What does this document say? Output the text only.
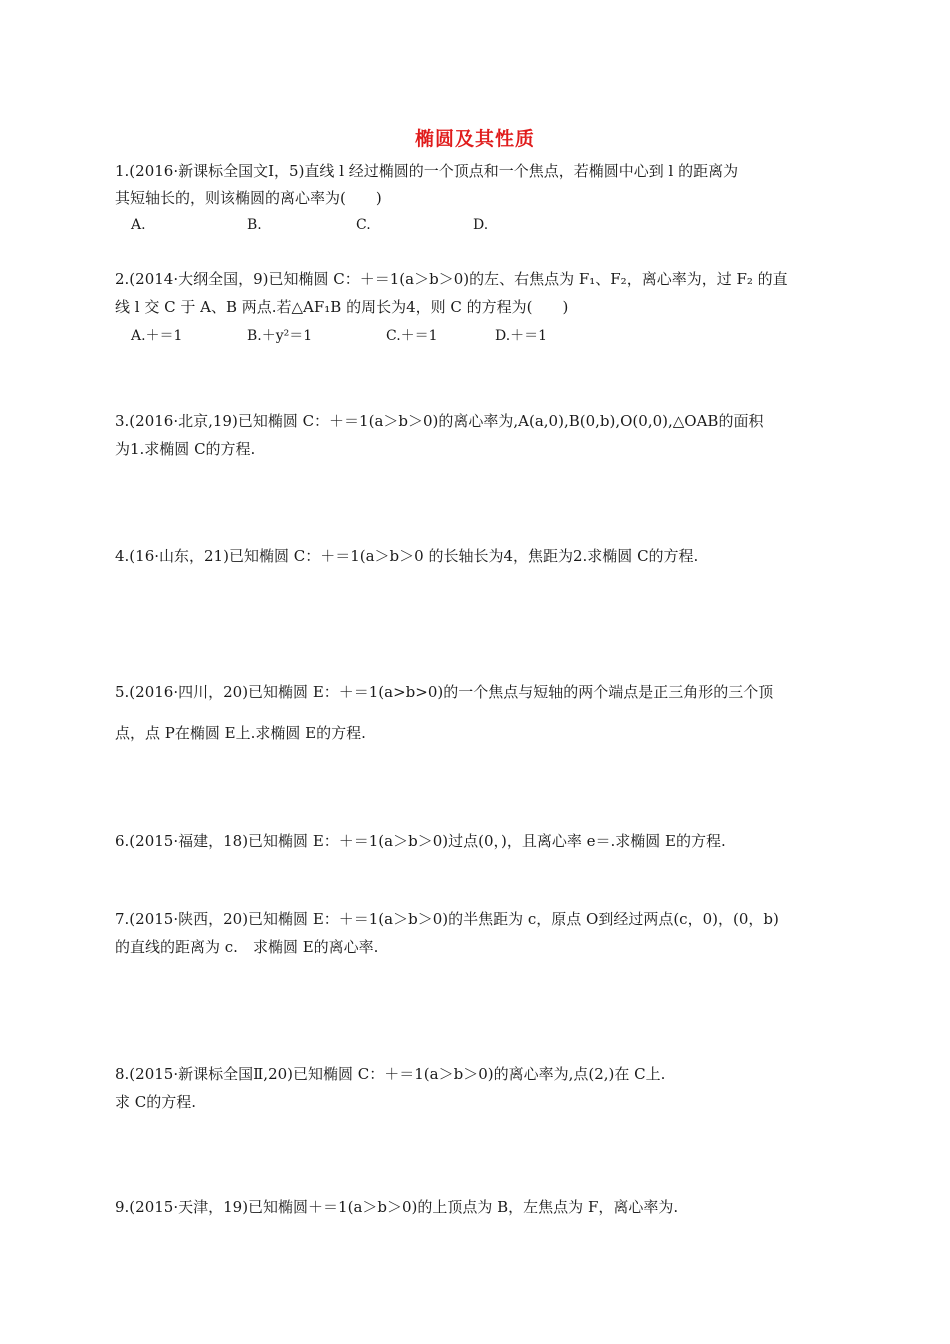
椭圆及其性质
1.(2016·新课标全国文Ⅰ，5)直线 l 经过椭圆的一个顶点和一个焦点，若椭圆中心到 l 的距离为
其短轴长的，则该椭圆的离心率为(　　)
A.	B.	C.	D.
2.(2014·大纲全国，9)已知椭圆 C：＋＝1(a＞b＞0)的左、右焦点为 F₁、F₂，离心率为，过 F₂ 的直
线 l 交 C 于 A、B 两点.若△AF₁B 的周长为4，则 C 的方程为(　　)
A.＋＝1	B.＋y²＝1	C.＋＝1	D.＋＝1
3.(2016·北京,19)已知椭圆 C：＋＝1(a＞b＞0)的离心率为,A(a,0),B(0,b),O(0,0),△OAB的面积
为1.求椭圆 C的方程.
4.(16·山东，21)已知椭圆 C：＋＝1(a＞b＞0 的长轴长为4，焦距为2.求椭圆 C的方程.
5.(2016·四川，20)已知椭圆 E：＋＝1(a>b>0)的一个焦点与短轴的两个端点是正三角形的三个顶
点，点 P在椭圆 E上.求椭圆 E的方程.
6.(2015·福建，18)已知椭圆 E：＋＝1(a＞b＞0)过点(0，)，且离心率 e＝.求椭圆 E的方程.
7.(2015·陕西，20)已知椭圆 E：＋＝1(a＞b＞0)的半焦距为 c，原点 O到经过两点(c，0)，(0，b)
的直线的距离为 c.　求椭圆 E的离心率.
8.(2015·新课标全国Ⅱ,20)已知椭圆 C：＋＝1(a＞b＞0)的离心率为,点(2,)在 C上.
求 C的方程.
9.(2015·天津，19)已知椭圆＋＝1(a＞b＞0)的上顶点为 B，左焦点为 F，离心率为.
